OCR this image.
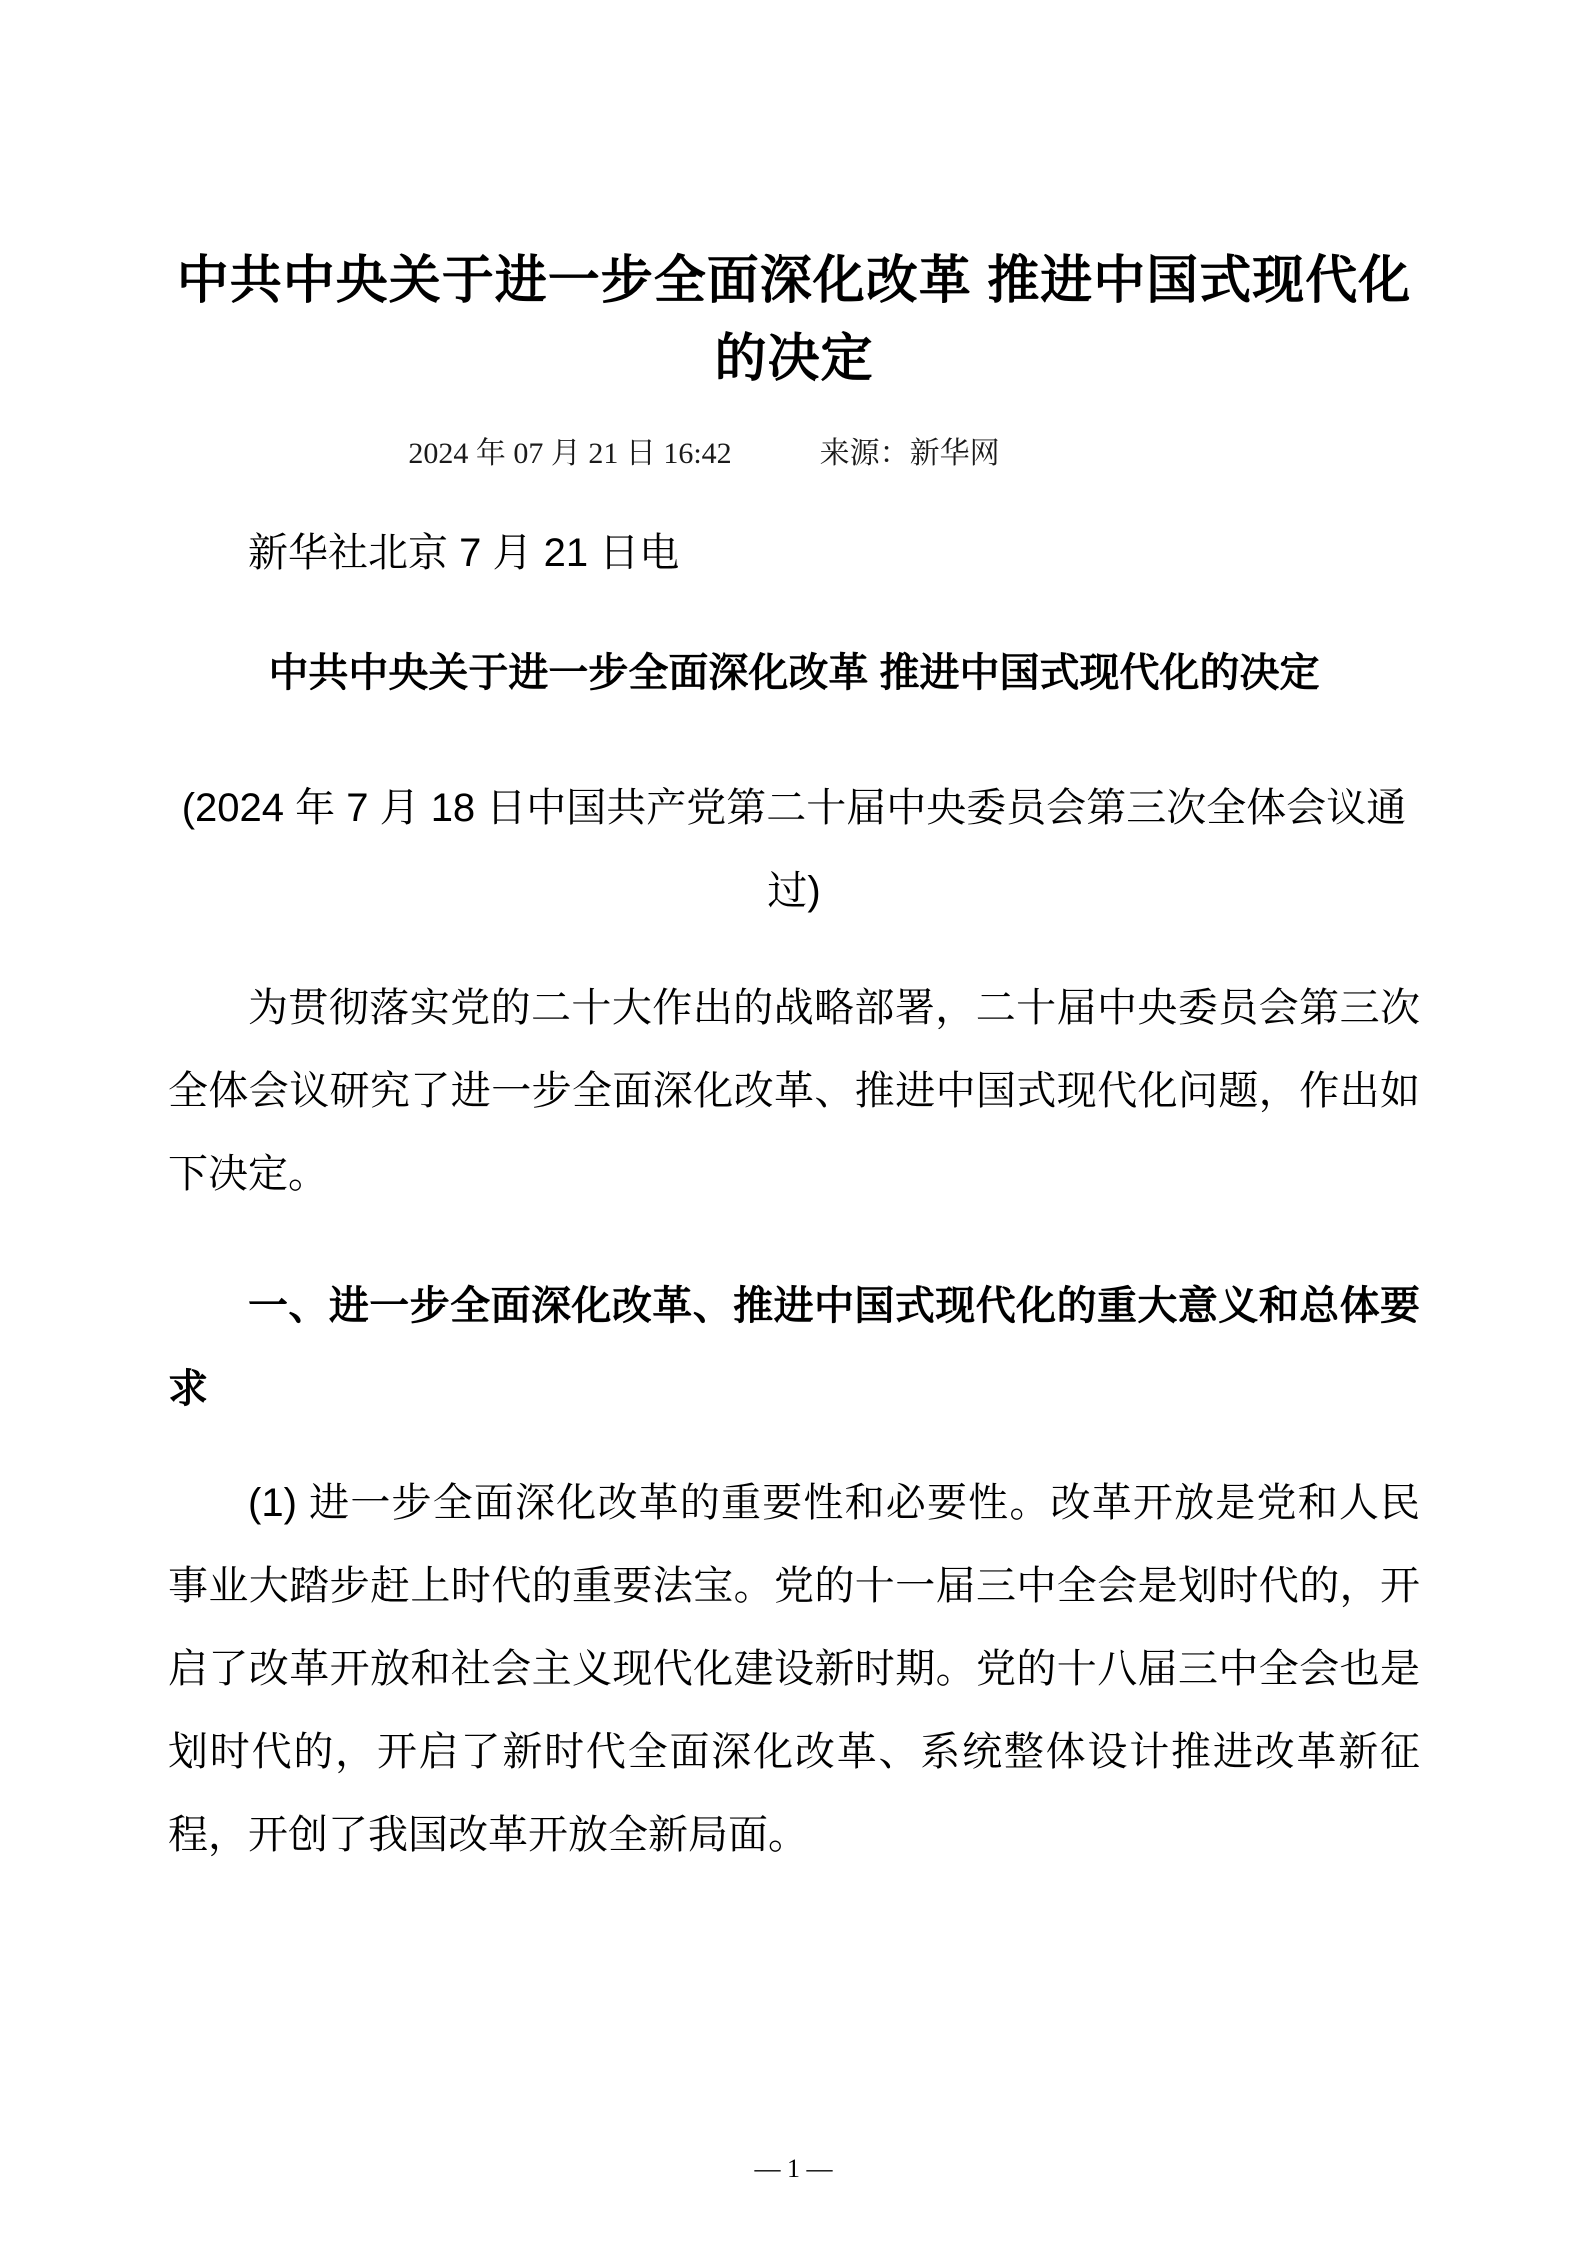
中共中央关于进一步全面深化改革 推进中国式现代化的决定
2024 年 07 月 21 日 16:42	来源：新华网

新华社北京 7 月 21 日电

中共中央关于进一步全面深化改革 推进中国式现代化的决定

(2024 年 7 月 18 日中国共产党第二十届中央委员会第三次全体会议通过)

为贯彻落实党的二十大作出的战略部署，二十届中央委员会第三次全体会议研究了进一步全面深化改革、推进中国式现代化问题，作出如下决定。

一、进一步全面深化改革、推进中国式现代化的重大意义和总体要求

(1) 进一步全面深化改革的重要性和必要性。改革开放是党和人民事业大踏步赶上时代的重要法宝。党的十一届三中全会是划时代的，开启了改革开放和社会主义现代化建设新时期。党的十八届三中全会也是划时代的，开启了新时代全面深化改革、系统整体设计推进改革新征程，开创了我国改革开放全新局面。

— 1 —
